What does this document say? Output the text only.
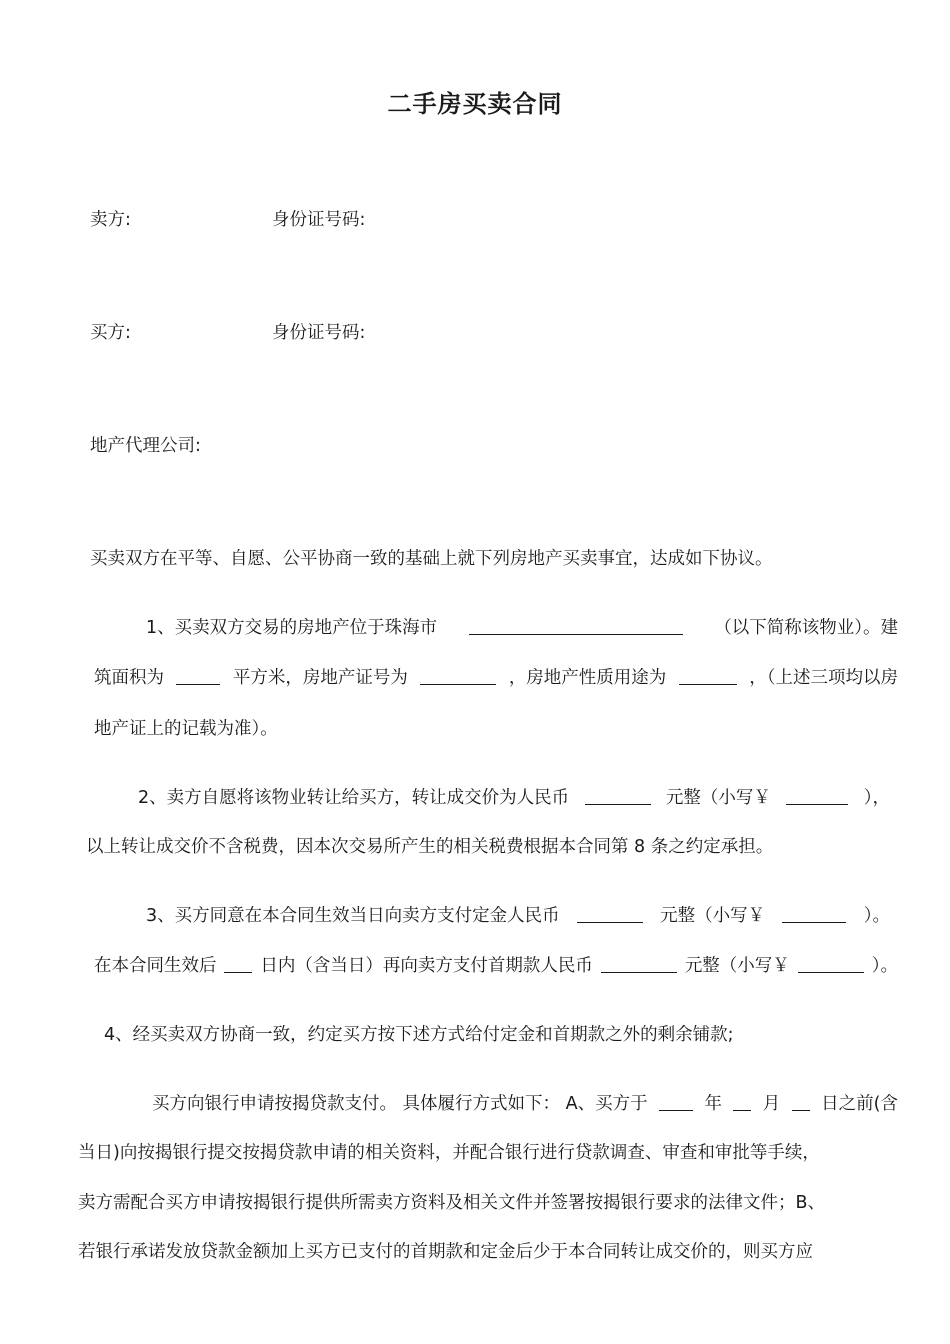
二手房买卖合同
卖方:	身份证号码:
买方:	身份证号码:
地产代理公司:
买卖双方在平等、自愿、公平协商一致的基础上就下列房地产买卖事宜，达成如下协议。
1、买卖双方交易的房地产位于珠海市	（以下简称该物业）。建
筑面积为	平方米，房地产证号为	，房地产性质用途为	，（上述三项均以房
地产证上的记载为准）。
2、卖方自愿将该物业转让给买方，转让成交价为人民币	元整（小写￥	），
以上转让成交价不含税费，因本次交易所产生的相关税费根据本合同第 8 条之约定承担。
3、买方同意在本合同生效当日向卖方支付定金人民币	元整（小写￥	）。
在本合同生效后	日内（含当日）再向卖方支付首期款人民币	元整（小写￥	）。
4、经买卖双方协商一致，约定买方按下述方式给付定金和首期款之外的剩余铺款;
买方向银行申请按揭贷款支付。 具体履行方式如下： A、买方于	年 月 日之前(含
当日)向按揭银行提交按揭贷款申请的相关资料，并配合银行进行贷款调查、审查和审批等手续，
卖方需配合买方申请按揭银行提供所需卖方资料及相关文件并签署按揭银行要求的法律文件；B、
若银行承诺发放贷款金额加上买方已支付的首期款和定金后少于本合同转让成交价的，则买方应
